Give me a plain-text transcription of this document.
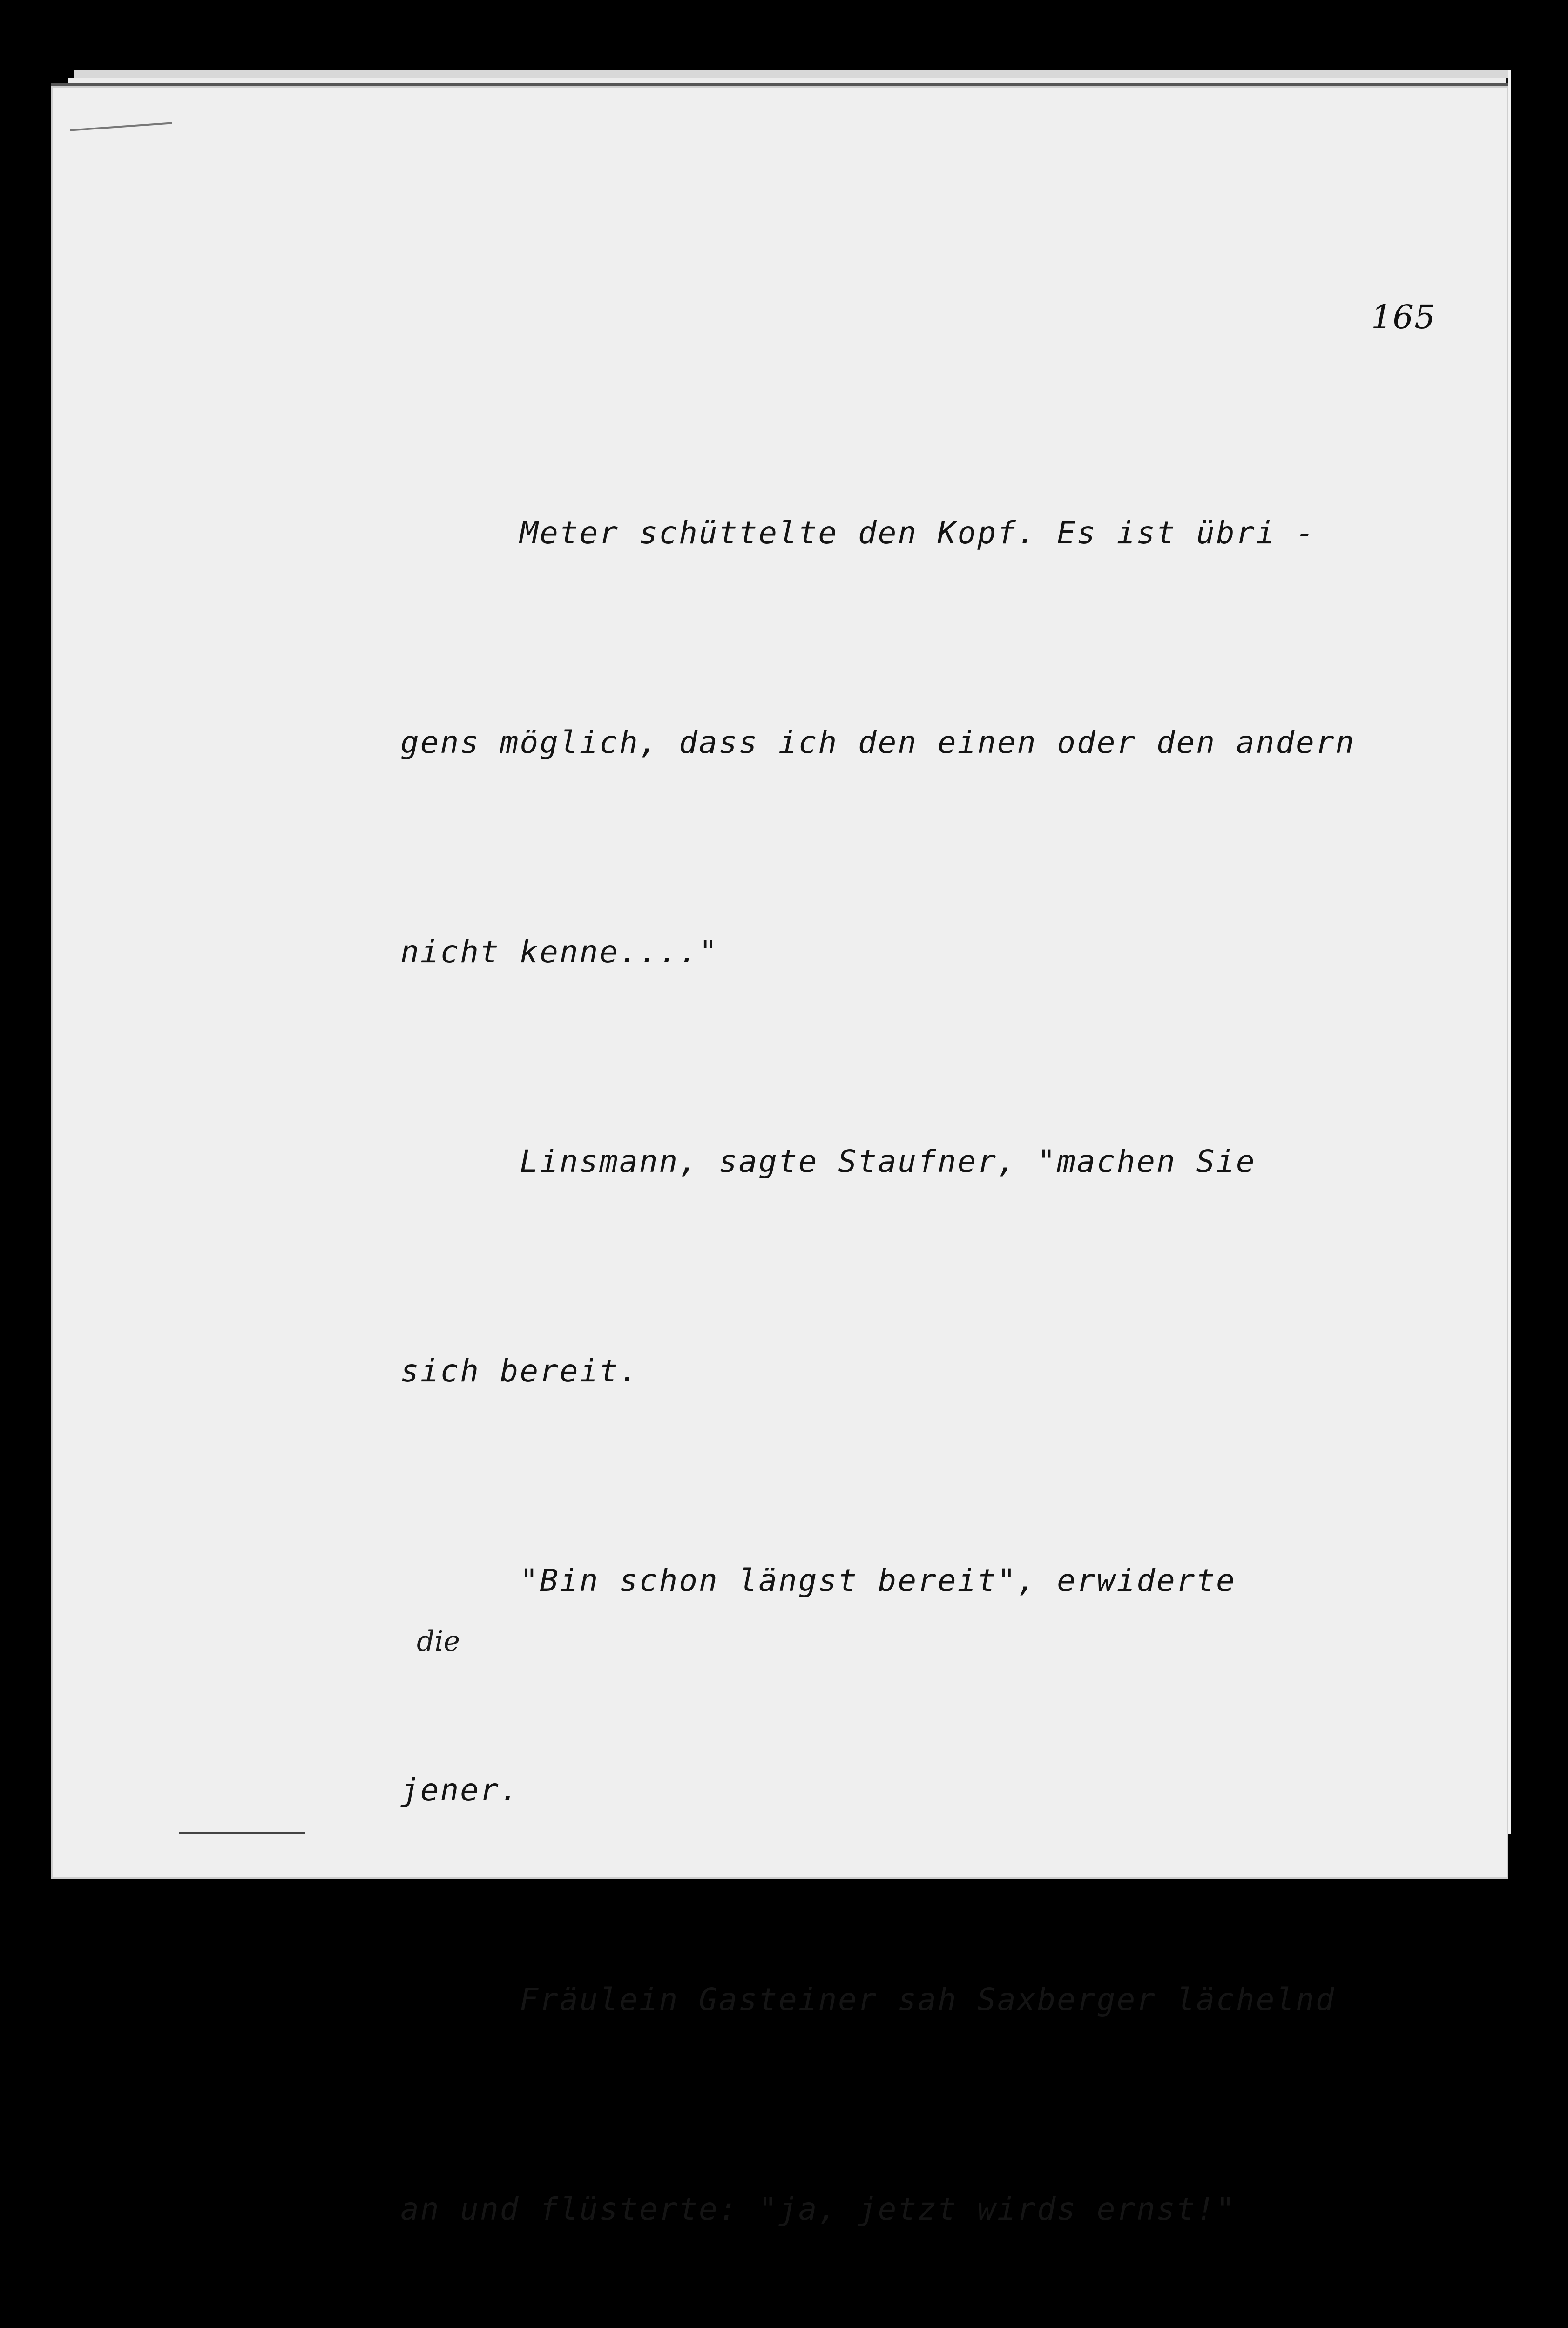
165

Meter schüttelte den Kopf. Es ist übri -

gens möglich, dass ich den einen oder den andern

nicht kenne...."

Linsmann, sagte Staufner, "machen Sie

sich bereit.

"Bin schon längst bereit", erwiderte

jener.

Fräulein Gasteiner sah Saxberger lächelnd

an und flüsterte: "ja, jetzt wirds ernst!"

die
